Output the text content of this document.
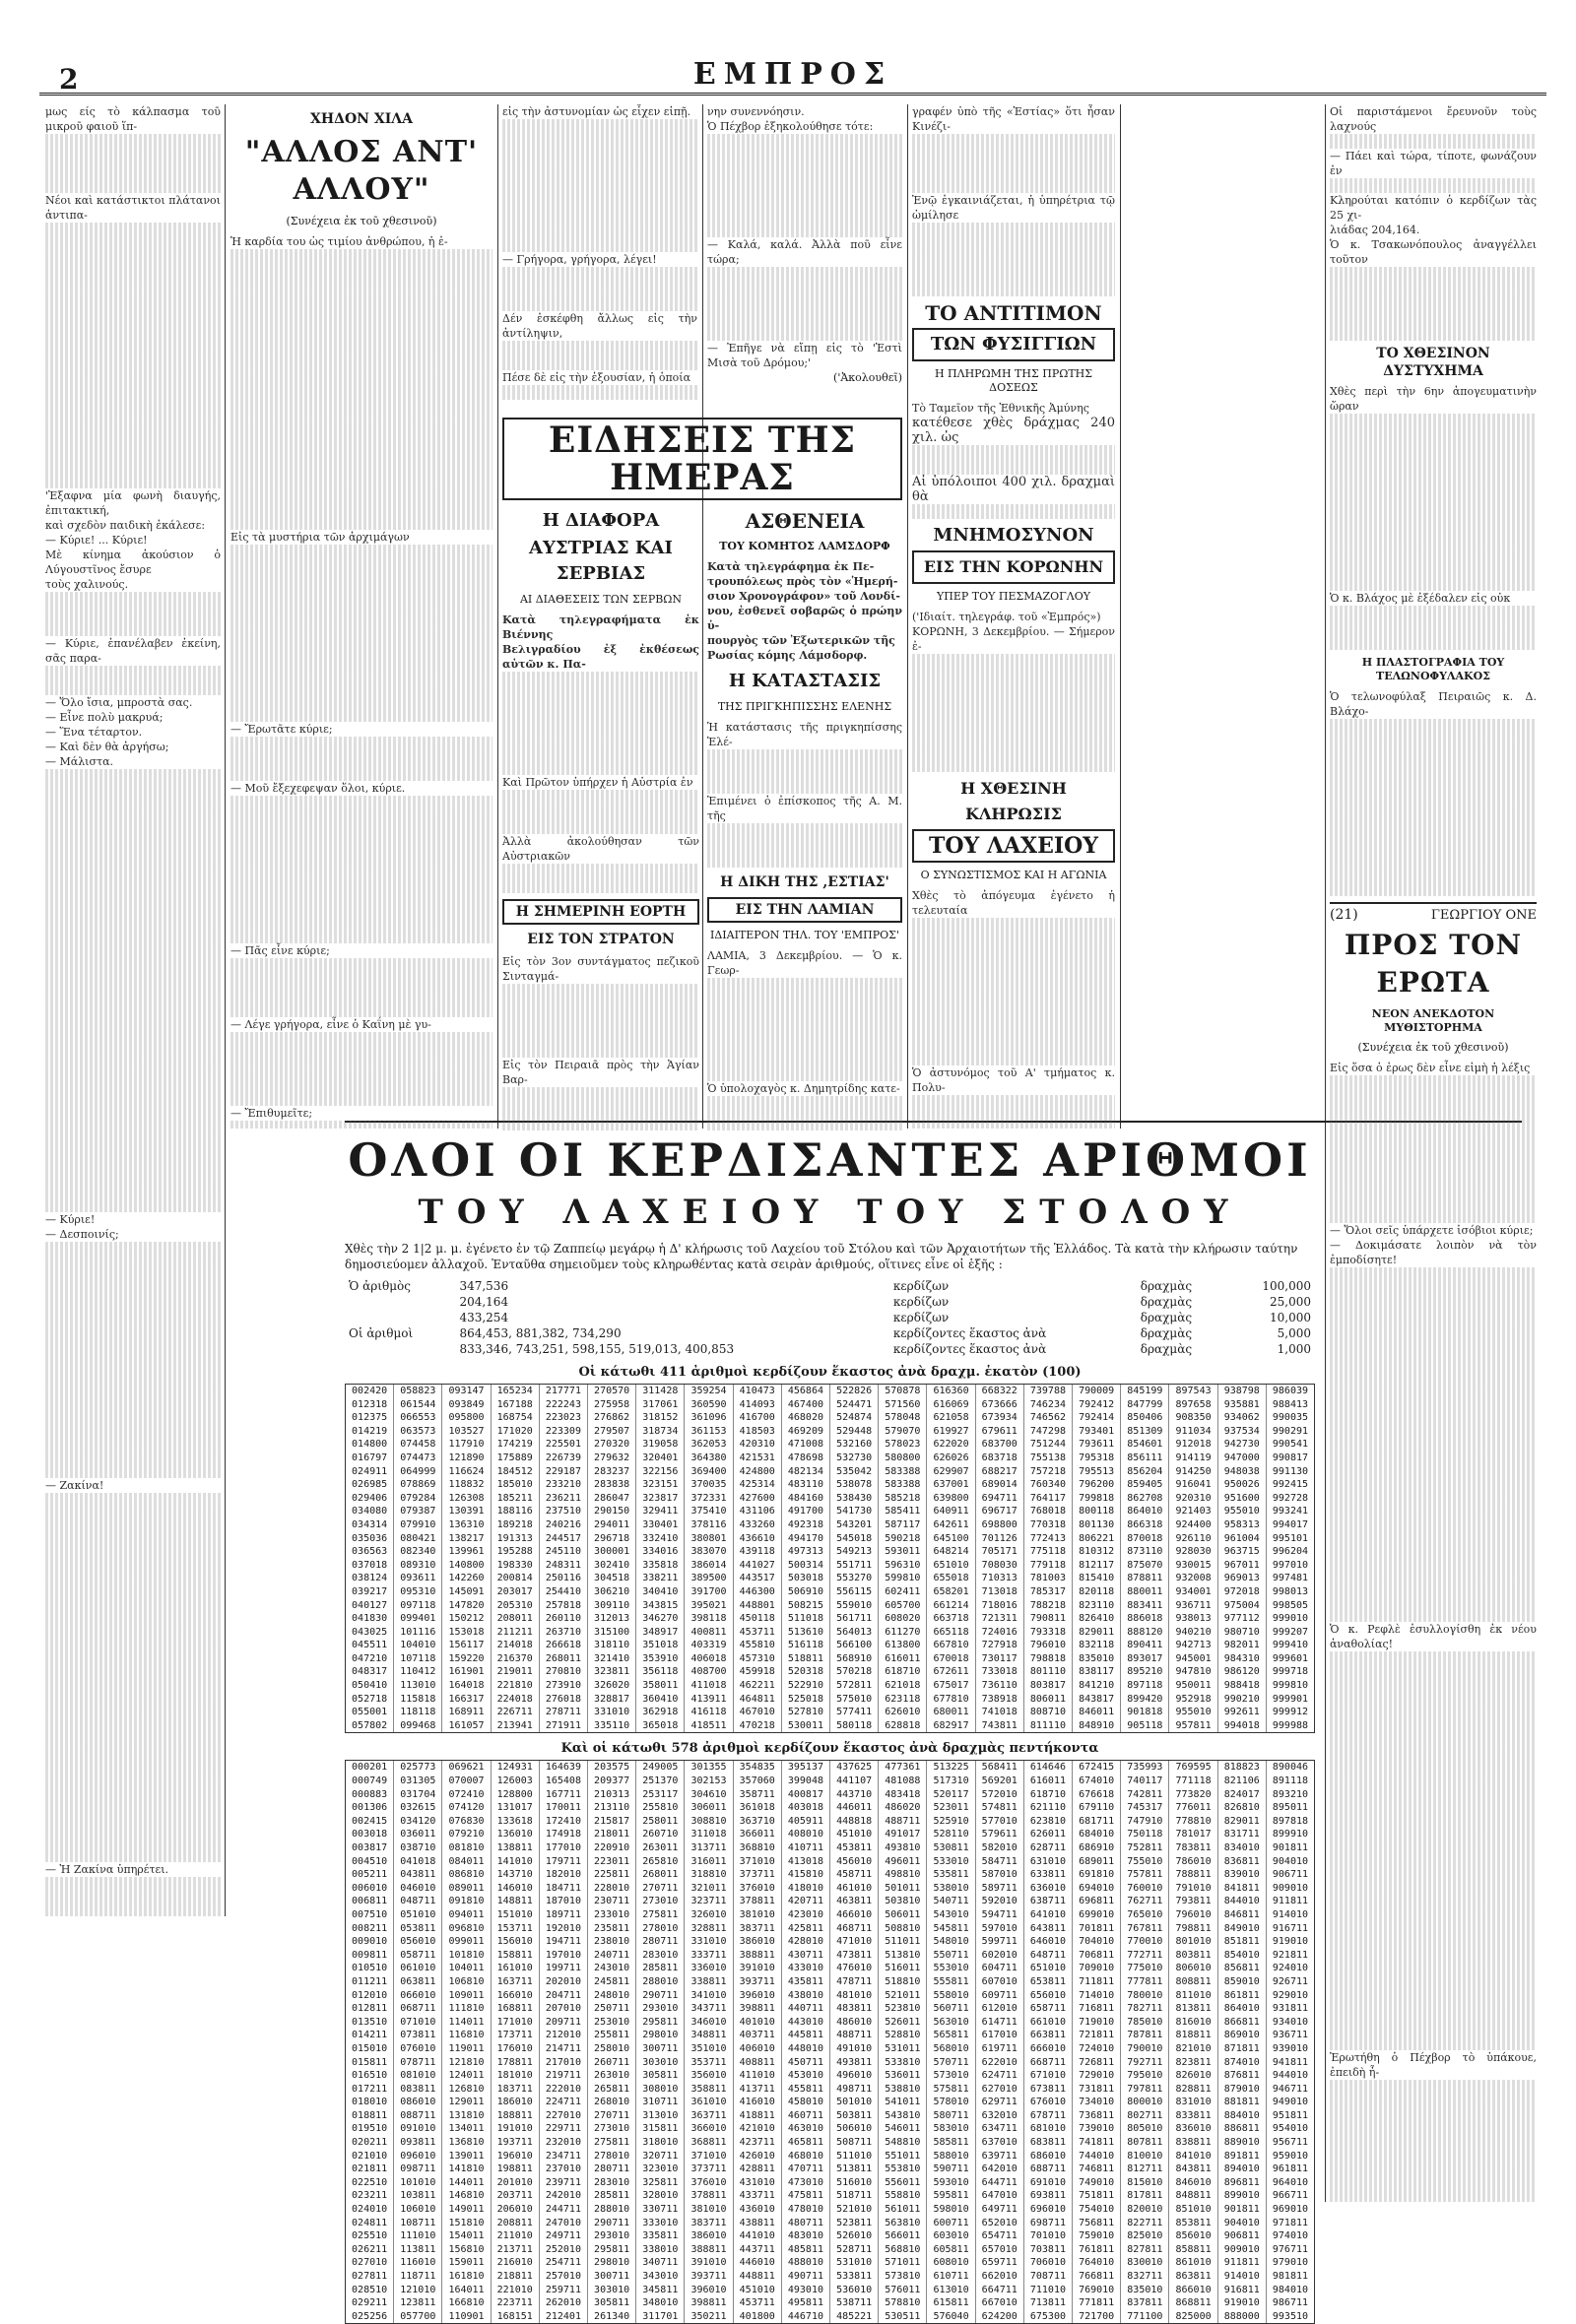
2	ΕΜΠΡΟΣ

μως είς τὸ κάλπασμα τοῦ μικροῦ φαιοῦ ἵπ-

Νέοι καὶ κατάστικτοι πλάτανοι ἀντιπα-

'Ἐξαφνα μία φωνὴ διαυγής, ἐπιτακτική,

καὶ σχεδὸν παιδικὴ ἐκάλεσε:

— Κύριε! ... Κύριε!

Μὲ κίνημα ἀκούσιον ὁ Λύγουστῖνος ἔσυρε

τοὺς χαλινούς.

— Κύριε, ἐπανέλαβεν ἐκείνη, σᾶς παρα-

— Ὅλο ἴσια, μπροστὰ σας.

— Εἶνε πολὺ μακρυά;

— Ἕνα τέταρτον.

— Καὶ δὲν θὰ ἀργήσω;

— Μάλιστα.

— Κύριε!

— Δεσποινίς;

— Ζακίνα!

— Ἡ Ζακίνα ὑπηρέτει.

ΧΗΔΟΝ ΧΙΛΑ
"ΑΛΛΟΣ ΑΝΤ' ΑΛΛΟΥ"
(Συνέχεια ἐκ τοῦ χθεσινοῦ)

Ἡ καρδία του ὡς τιμίου ἀνθρώπου, ἡ ἐ-

Εἰς τὰ μυστήρια τῶν ἀρχιμάγων

— Ἔρωτᾶτε κύριε;

— Μοῦ ἔξεχεφεψαν ὅλοι, κύριε.

— Πᾶς εἶνε κύριε;

— Λέγε γρήγορα, εἶνε ὁ Καΐνη μὲ γυ-

— Ἔπιθυμεῖτε;

εἰς τὴν ἀστυνομίαν ὡς εἶχεν εἰπῇ.

— Γρήγορα, γρήγορα, λέγει!

Δέν ἐσκέφθη ἄλλως εἰς τὴν ἀντίληψιν,

Πέσε δὲ εἰς τὴν ἐξουσίαν, ἡ ὁποία

νην συνεννόησιν.

Ὁ Πέχβορ ἐξηκολούθησε τότε:

— Καλά, καλά. Ἀλλὰ ποῦ εἶνε τώρα;

— Ἐπῆγε νὰ εἴπῃ εἰς τὸ 'Ἑστὶ Μισὰ τοῦ Δρόμου;'

('Ἀκολουθεῖ)

ΕΙΔΗΣΕΙΣ ΤΗΣ ΗΜΕΡΑΣ
Η ΔΙΑΦΟΡΑ
ΑΥΣΤΡΙΑΣ ΚΑΙ ΣΕΡΒΙΑΣ
ΑΙ ΔΙΑΘΕΣΕΙΣ ΤΩΝ ΣΕΡΒΩΝ

Κατὰ τηλεγραφήματα ἐκ Βιέννης

Βελιγραδίου ἐξ ἐκθέσεως αὐτῶν κ. Πα-

Καὶ Πρῶτον ὑπήρχεν ἡ Αὐστρία ἐν

Ἀλλὰ ἀκολούθησαν τῶν Αὐστριακῶν

Η ΣΗΜΕΡΙΝΗ ΕΟΡΤΗ
ΕΙΣ ΤΟΝ ΣΤΡΑΤΟΝ

Εἰς τὸν 3ον συντάγματος πεζικοῦ Σινταγμά-

Εἰς τὸν Πειραιᾶ πρὸς τὴν Ἁγίαν Βαρ-

ΑΣΘΕΝΕΙΑ
ΤΟΥ ΚΟΜΗΤΟΣ ΛΑΜΣΔΟΡΦ

Κατὰ τηλεγράφημα ἐκ Πε-

τρουπόλεως πρὸς τὸν «Ἡμερή-

σιον Χρονογράφον» τοῦ Λονδί-

νου, ἐσθενεῖ σοβαρῶς ὁ πρώην ὑ-

πουργὸς τῶν Ἐξωτερικῶν τῆς

Ρωσίας κόμης Λάμσδορφ.

Η ΚΑΤΑΣΤΑΣΙΣ
ΤΗΣ ΠΡΙΓΚΗΠΙΣΣΗΣ ΕΛΕΝΗΣ

Ἡ κατάστασις τῆς πριγκηπίσσης Ἑλέ-

Ἐπιμένει ὁ ἐπίσκοπος τῆς Α. Μ. τῆς

Η ΔΙΚΗ ΤΗΣ ,ΕΣΤΙΑΣ'
ΕΙΣ ΤΗΝ ΛΑΜΙΑΝ
ΙΔΙΑΙΤΕΡΟΝ ΤΗΛ. ΤΟΥ 'ΕΜΠΡΟΣ'

ΛΑΜΙΑ, 3 Δεκεμβρίου. — Ὁ κ. Γεωρ-

Ὁ ὑπολοχαγὸς κ. Δημητρίδης κατε-

γραφέν ὑπὸ τῆς «Ἑστίας» ὅτι ἦσαν Κινέζι-

Ἐνῷ ἐγκαινιάζεται, ἡ ὑπηρέτρια τῷ ὡμίλησε

ΤΟ ΑΝΤΙΤΙΜΟΝ
ΤΩΝ ΦΥΣΙΓΓΙΩΝ
Η ΠΛΗΡΩΜΗ ΤΗΣ ΠΡΩΤΗΣ ΔΟΣΕΩΣ

Τὸ Ταμεῖον τῆς Ἐθνικῆς Ἀμύνης

κατέθεσε χθὲς δράχμας 240 χιλ. ὡς

Αἱ ὑπόλοιποι 400 χιλ. δραχμαὶ θὰ

ΜΝΗΜΟΣΥΝΟΝ
ΕΙΣ ΤΗΝ ΚΟΡΩΝΗΝ
ΥΠΕΡ ΤΟΥ ΠΕΣΜΑΖΟΓΛΟΥ

('Ιδιαίτ. τηλεγράφ. τοῦ «Ἐμπρός»)

ΚΟΡΩΝΗ, 3 Δεκεμβρίου. — Σήμερον ἐ-

Η ΧΘΕΣΙΝΗ ΚΛΗΡΩΣΙΣ
ΤΟΥ ΛΑΧΕΙΟΥ
Ο ΣΥΝΩΣΤΙΣΜΟΣ ΚΑΙ Η ΑΓΩΝΙΑ

Χθὲς τὸ ἀπόγευμα ἐγένετο ἡ τελευταία

Ὁ ἀστυνόμος τοῦ Α' τμήματος κ. Πολυ-

Οἱ παριστάμενοι ἔρευνοῦν τοὺς λαχνούς

— Πάει καὶ τώρα, τίποτε, φωνάζουν ἐν

Κληρούται κατόπιν ὁ κερδίζων τὰς 25 χι-

λιάδας 204,164.

Ὁ κ. Τσακωνόπουλος ἀναγγέλλει τοῦτον

ΤΟ ΧΘΕΣΙΝΟΝ ΔΥΣΤΥΧΗΜΑ

Χθὲς περὶ τὴν 6ην ἀπογευματινὴν ὥραν

Ὁ κ. Βλάχος μὲ ἐξέδαλεν εἰς οὐκ

Η ΠΛΑΣΤΟΓΡΑΦΙΑ ΤΟΥ ΤΕΛΩΝΟΦΥΛΑΚΟΣ

Ὁ τελωνοφύλαξ Πειραιῶς κ. Δ. Βλάχο-

(21)	ΓΕΩΡΓΙΟΥ ΟΝΕ
ΠΡΟΣ ΤΟΝ ΕΡΩΤΑ
ΝΕΟΝ ΑΝΕΚΔΟΤΟΝ ΜΥΘΙΣΤΟΡΗΜΑ
(Συνέχεια ἐκ τοῦ χθεσινοῦ)

Εἰς ὅσα ὁ ἐρως δὲν εἶνε εἰμὴ ἡ λέξις

— Ὅλοι σεῖς ὑπάρχετε ἰσόβιοι κύριε;

— Δοκιμάσατε λοιπὸν νὰ τὸν ἐμποδίσητε!

Ὁ κ. Ρεφλὲ ἐσυλλογίσθη ἐκ νέου ἀναθολίας!

Ἐρωτήθη ὁ Πέχβορ τὸ ὑπάκουε, ἐπειδὴ ἦ-

ΟΛΟΙ ΟΙ ΚΕΡΔΙΣΑΝΤΕΣ ΑΡΙΘΜΟΙ
ΤΟΥ ΛΑΧΕΙΟΥ ΤΟΥ ΣΤΟΛΟΥ

Χθὲς τὴν 2 1|2 μ. μ. ἐγένετο ἐν τῷ Ζαππείῳ μεγάρῳ ἡ Δ' κλήρωσις τοῦ Λαχείου τοῦ Στόλου καὶ τῶν Ἀρχαιοτήτων τῆς Ἑλλάδος. Τὰ κατὰ τὴν κλήρωσιν ταύτην δημοσιεύομεν ἀλλαχοῦ. Ἐνταῦθα σημειοῦμεν τοὺς κληρωθέντας κατὰ σειρὰν ἀριθμούς, οἵτινες εἶνε οἱ ἑξῆς :

Ὁ ἀριθμὸς	347,536	κερδίζων	δραχμὰς	100,000
	204,164	κερδίζων	δραχμὰς	25,000
	433,254	κερδίζων	δραχμὰς	10,000
Οἱ ἀριθμοὶ	864,453, 881,382, 734,290	κερδίζοντες ἕκαστος ἀνὰ	δραχμὰς	5,000
	833,346, 743,251, 598,155, 519,013, 400,853	κερδίζοντες ἕκαστος ἀνὰ	δραχμὰς	1,000
Οἱ κάτωθι 411 ἀριθμοὶ κερδίζουν ἕκαστος ἀνὰ δραχμ. ἑκατὸν (100)
002420	058823	093147	165234	217771	270570	311428	359254	410473	456864	522826	570878	616360	668322	739788	790009	845199	897543	938798	986039
012318	061544	093849	167188	222243	275958	317061	360590	414093	467400	524471	571560	616069	673666	746234	792412	847799	897658	935881	988413
012375	066553	095800	168754	223023	276862	318152	361096	416700	468020	524874	578048	621058	673934	746562	792414	850406	908350	934062	990035
014219	063573	103527	171020	223309	279507	318734	361153	418503	469209	529448	579070	619927	679611	747298	793401	851309	911034	937534	990291
014800	074458	117910	174219	225501	270320	319058	362053	420310	471008	532160	578023	622020	683700	751244	793611	854601	912018	942730	990541
016797	074473	121890	175889	226739	279632	320401	364380	421531	478698	532730	580800	626026	683718	755138	795318	856111	914119	947000	990817
024911	064999	116624	184512	229187	283237	322156	369400	424800	482134	535042	583388	629907	688217	757218	795513	856204	914250	948038	991130
026985	078869	118832	185010	233210	283838	323151	370035	425314	483110	538078	583388	637001	689014	760340	796200	859405	916041	950026	992415
029406	079284	126308	185211	236211	286047	323817	372331	427600	484160	538430	585218	639800	694711	764117	799818	862708	920310	951600	992728
034080	079387	130391	188116	237510	290150	329411	375410	431106	491700	541730	585411	640911	696717	768018	800118	864010	921403	955010	993241
034314	079910	136310	189218	240216	294011	330401	378116	433260	492318	543201	587117	642611	698800	770318	801130	866318	924400	958313	994017
035036	080421	138217	191313	244517	296718	332410	380801	436610	494170	545018	590218	645100	701126	772413	806221	870018	926110	961004	995101
036563	082340	139961	195288	245110	300001	334016	383070	439118	497313	549213	593011	648214	705171	775118	810312	873110	928030	963715	996204
037018	089310	140800	198330	248311	302410	335818	386014	441027	500314	551711	596310	651010	708030	779118	812117	875070	930015	967011	997010
038124	093611	142260	200814	250116	304518	338211	389500	443517	503018	553270	599810	655018	710313	781003	815410	878811	932008	969013	997481
039217	095310	145091	203017	254410	306210	340410	391700	446300	506910	556115	602411	658201	713018	785317	820118	880011	934001	972018	998013
040127	097118	147820	205310	257818	309110	343815	395021	448801	508215	559010	605700	661214	718016	788218	823110	883411	936711	975004	998505
041830	099401	150212	208011	260110	312013	346270	398118	450118	511018	561711	608020	663718	721311	790811	826410	886018	938013	977112	999010
043025	101116	153018	211211	263710	315100	348917	400811	453711	513610	564013	611270	665118	724016	793318	829011	888120	940210	980710	999207
045511	104010	156117	214018	266618	318110	351018	403319	455810	516118	566100	613800	667810	727918	796010	832118	890411	942713	982011	999410
047210	107118	159220	216370	268011	321410	353910	406018	457310	518811	568910	616011	670018	730117	798818	835010	893017	945001	984310	999601
048317	110412	161901	219011	270810	323811	356118	408700	459918	520318	570218	618710	672611	733018	801110	838117	895210	947810	986120	999718
050410	113010	164018	221810	273910	326020	358011	411018	462211	522910	572811	621018	675017	736110	803817	841210	897118	950011	988418	999810
052718	115818	166317	224018	276018	328817	360410	413911	464811	525018	575010	623118	677810	738918	806011	843817	899420	952918	990210	999901
055001	118118	168911	226711	278711	331010	362918	416118	467010	527810	577411	626010	680011	741018	808710	846011	901818	955010	992611	999912
057802	099468	161057	213941	271911	335110	365018	418511	470218	530011	580118	628818	682917	743811	811110	848910	905118	957811	994018	999988
Καὶ οἱ κάτωθι 578 ἀριθμοὶ κερδίζουν ἕκαστος ἀνὰ δραχμὰς πεντήκοντα
000201	025773	069621	124931	164639	203575	249005	301355	354835	395137	437625	477361	513225	568411	614646	672415	735993	769595	818823	890046
000749	031305	070007	126003	165408	209377	251370	302153	357060	399048	441107	481088	517310	569201	616011	674010	740117	771118	821106	891118
000883	031704	072410	128800	167711	210313	253117	304610	358711	400817	443710	483418	520117	572010	618710	676618	742811	773820	824017	893210
001306	032615	074120	131017	170011	213110	255810	306011	361018	403018	446011	486020	523011	574811	621110	679110	745317	776011	826810	895011
002415	034120	076830	133618	172410	215817	258011	308810	363710	405911	448818	488711	525910	577010	623810	681711	747910	778810	829011	897818
003018	036011	079210	136010	174918	218011	260710	311018	366011	408010	451010	491017	528110	579611	626011	684010	750118	781017	831711	899910
003817	038710	081810	138811	177010	220910	263011	313711	368810	410711	453811	493810	530811	582010	628711	686910	752811	783811	834010	901811
004510	041018	084011	141010	179711	223011	265810	316011	371010	413018	456010	496011	533010	584711	631010	689011	755010	786010	836811	904010
005211	043811	086810	143710	182010	225811	268011	318810	373711	415810	458711	498810	535811	587010	633811	691810	757811	788811	839010	906711
006010	046010	089011	146010	184711	228010	270711	321011	376010	418010	461010	501011	538010	589711	636010	694010	760010	791010	841811	909010
006811	048711	091810	148811	187010	230711	273010	323711	378811	420711	463811	503810	540711	592010	638711	696811	762711	793811	844010	911811
007510	051010	094011	151010	189711	233010	275811	326010	381010	423010	466010	506011	543010	594711	641010	699010	765010	796010	846811	914010
008211	053811	096810	153711	192010	235811	278010	328811	383711	425811	468711	508810	545811	597010	643811	701811	767811	798811	849010	916711
009010	056010	099011	156010	194711	238010	280711	331010	386010	428010	471010	511011	548010	599711	646010	704010	770010	801010	851811	919010
009811	058711	101810	158811	197010	240711	283010	333711	388811	430711	473811	513810	550711	602010	648711	706811	772711	803811	854010	921811
010510	061010	104011	161010	199711	243010	285811	336010	391010	433010	476010	516011	553010	604711	651010	709010	775010	806010	856811	924010
011211	063811	106810	163711	202010	245811	288010	338811	393711	435811	478711	518810	555811	607010	653811	711811	777811	808811	859010	926711
012010	066010	109011	166010	204711	248010	290711	341010	396010	438010	481010	521011	558010	609711	656010	714010	780010	811010	861811	929010
012811	068711	111810	168811	207010	250711	293010	343711	398811	440711	483811	523810	560711	612010	658711	716811	782711	813811	864010	931811
013510	071010	114011	171010	209711	253010	295811	346010	401010	443010	486010	526011	563010	614711	661010	719010	785010	816010	866811	934010
014211	073811	116810	173711	212010	255811	298010	348811	403711	445811	488711	528810	565811	617010	663811	721811	787811	818811	869010	936711
015010	076010	119011	176010	214711	258010	300711	351010	406010	448010	491010	531011	568010	619711	666010	724010	790010	821010	871811	939010
015811	078711	121810	178811	217010	260711	303010	353711	408811	450711	493811	533810	570711	622010	668711	726811	792711	823811	874010	941811
016510	081010	124011	181010	219711	263010	305811	356010	411010	453010	496010	536011	573010	624711	671010	729010	795010	826010	876811	944010
017211	083811	126810	183711	222010	265811	308010	358811	413711	455811	498711	538810	575811	627010	673811	731811	797811	828811	879010	946711
018010	086010	129011	186010	224711	268010	310711	361010	416010	458010	501010	541011	578010	629711	676010	734010	800010	831010	881811	949010
018811	088711	131810	188811	227010	270711	313010	363711	418811	460711	503811	543810	580711	632010	678711	736811	802711	833811	884010	951811
019510	091010	134011	191010	229711	273010	315811	366010	421010	463010	506010	546011	583010	634711	681010	739010	805010	836010	886811	954010
020211	093811	136810	193711	232010	275811	318010	368811	423711	465811	508711	548810	585811	637010	683811	741811	807811	838811	889010	956711
021010	096010	139011	196010	234711	278010	320711	371010	426010	468010	511010	551011	588010	639711	686010	744010	810010	841010	891811	959010
021811	098711	141810	198811	237010	280711	323010	373711	428811	470711	513811	553810	590711	642010	688711	746811	812711	843811	894010	961811
022510	101010	144011	201010	239711	283010	325811	376010	431010	473010	516010	556011	593010	644711	691010	749010	815010	846010	896811	964010
023211	103811	146810	203711	242010	285811	328010	378811	433711	475811	518711	558810	595811	647010	693811	751811	817811	848811	899010	966711
024010	106010	149011	206010	244711	288010	330711	381010	436010	478010	521010	561011	598010	649711	696010	754010	820010	851010	901811	969010
024811	108711	151810	208811	247010	290711	333010	383711	438811	480711	523811	563810	600711	652010	698711	756811	822711	853811	904010	971811
025510	111010	154011	211010	249711	293010	335811	386010	441010	483010	526010	566011	603010	654711	701010	759010	825010	856010	906811	974010
026211	113811	156810	213711	252010	295811	338010	388811	443711	485811	528711	568810	605811	657010	703811	761811	827811	858811	909010	976711
027010	116010	159011	216010	254711	298010	340711	391010	446010	488010	531010	571011	608010	659711	706010	764010	830010	861010	911811	979010
027811	118711	161810	218811	257010	300711	343010	393711	448811	490711	533811	573810	610711	662010	708711	766811	832711	863811	914010	981811
028510	121010	164011	221010	259711	303010	345811	396010	451010	493010	536010	576011	613010	664711	711010	769010	835010	866010	916811	984010
029211	123811	166810	223711	262010	305811	348010	398811	453711	495811	538711	578810	615811	667010	713811	771811	837811	868811	919010	986711
025256	057700	110901	168151	212401	261340	311701	350211	401800	446710	485221	530511	576040	624200	675300	721700	771100	825000	888000	993510
